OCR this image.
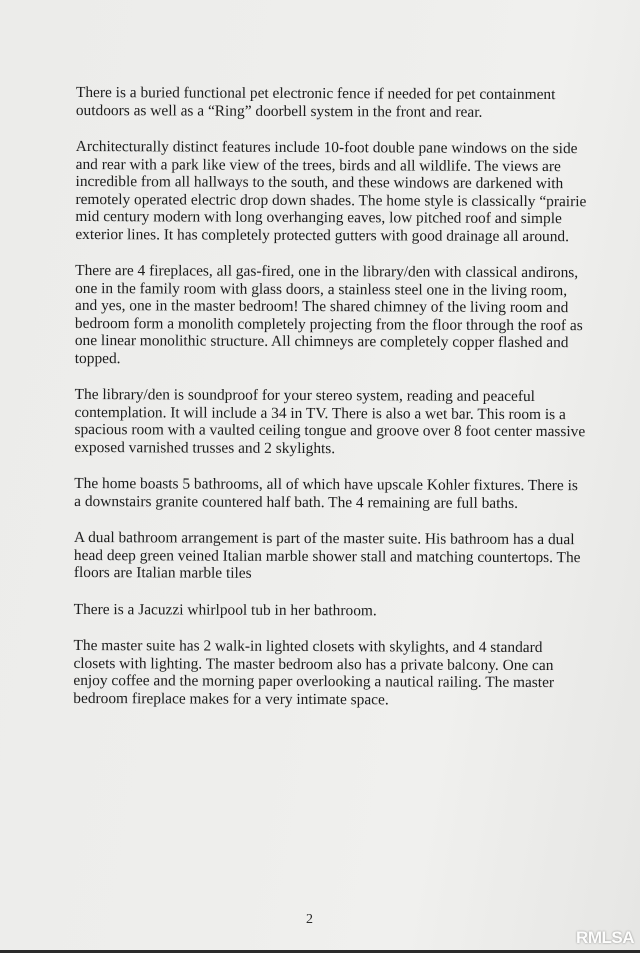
There is a buried functional pet electronic fence if needed for pet containment outdoors as well as a “Ring” doorbell system in the front and rear.

Architecturally distinct features include 10-foot double pane windows on the side and rear with a park like view of the trees, birds and all wildlife. The views are incredible from all hallways to the south, and these windows are darkened with remotely operated electric drop down shades. The home style is classically “prairie mid century modern with long overhanging eaves, low pitched roof and simple exterior lines. It has completely protected gutters with good drainage all around.

There are 4 fireplaces, all gas-fired, one in the library/den with classical andirons, one in the family room with glass doors, a stainless steel one in the living room, and yes, one in the master bedroom! The shared chimney of the living room and bedroom form a monolith completely projecting from the floor through the roof as one linear monolithic structure. All chimneys are completely copper flashed and topped.

The library/den is soundproof for your stereo system, reading and peaceful contemplation. It will include a 34 in TV. There is also a wet bar. This room is a spacious room with a vaulted ceiling tongue and groove over 8 foot center massive exposed varnished trusses and 2 skylights.

The home boasts 5 bathrooms, all of which have upscale Kohler fixtures. There is a downstairs granite countered half bath. The 4 remaining are full baths.

A dual bathroom arrangement is part of the master suite. His bathroom has a dual head deep green veined Italian marble shower stall and matching countertops. The floors are Italian marble tiles

There is a Jacuzzi whirlpool tub in her bathroom.

The master suite has 2 walk-in lighted closets with skylights, and 4 standard closets with lighting. The master bedroom also has a private balcony. One can enjoy coffee and the morning paper overlooking a nautical railing. The master bedroom fireplace makes for a very intimate space.

2
RMLSA
